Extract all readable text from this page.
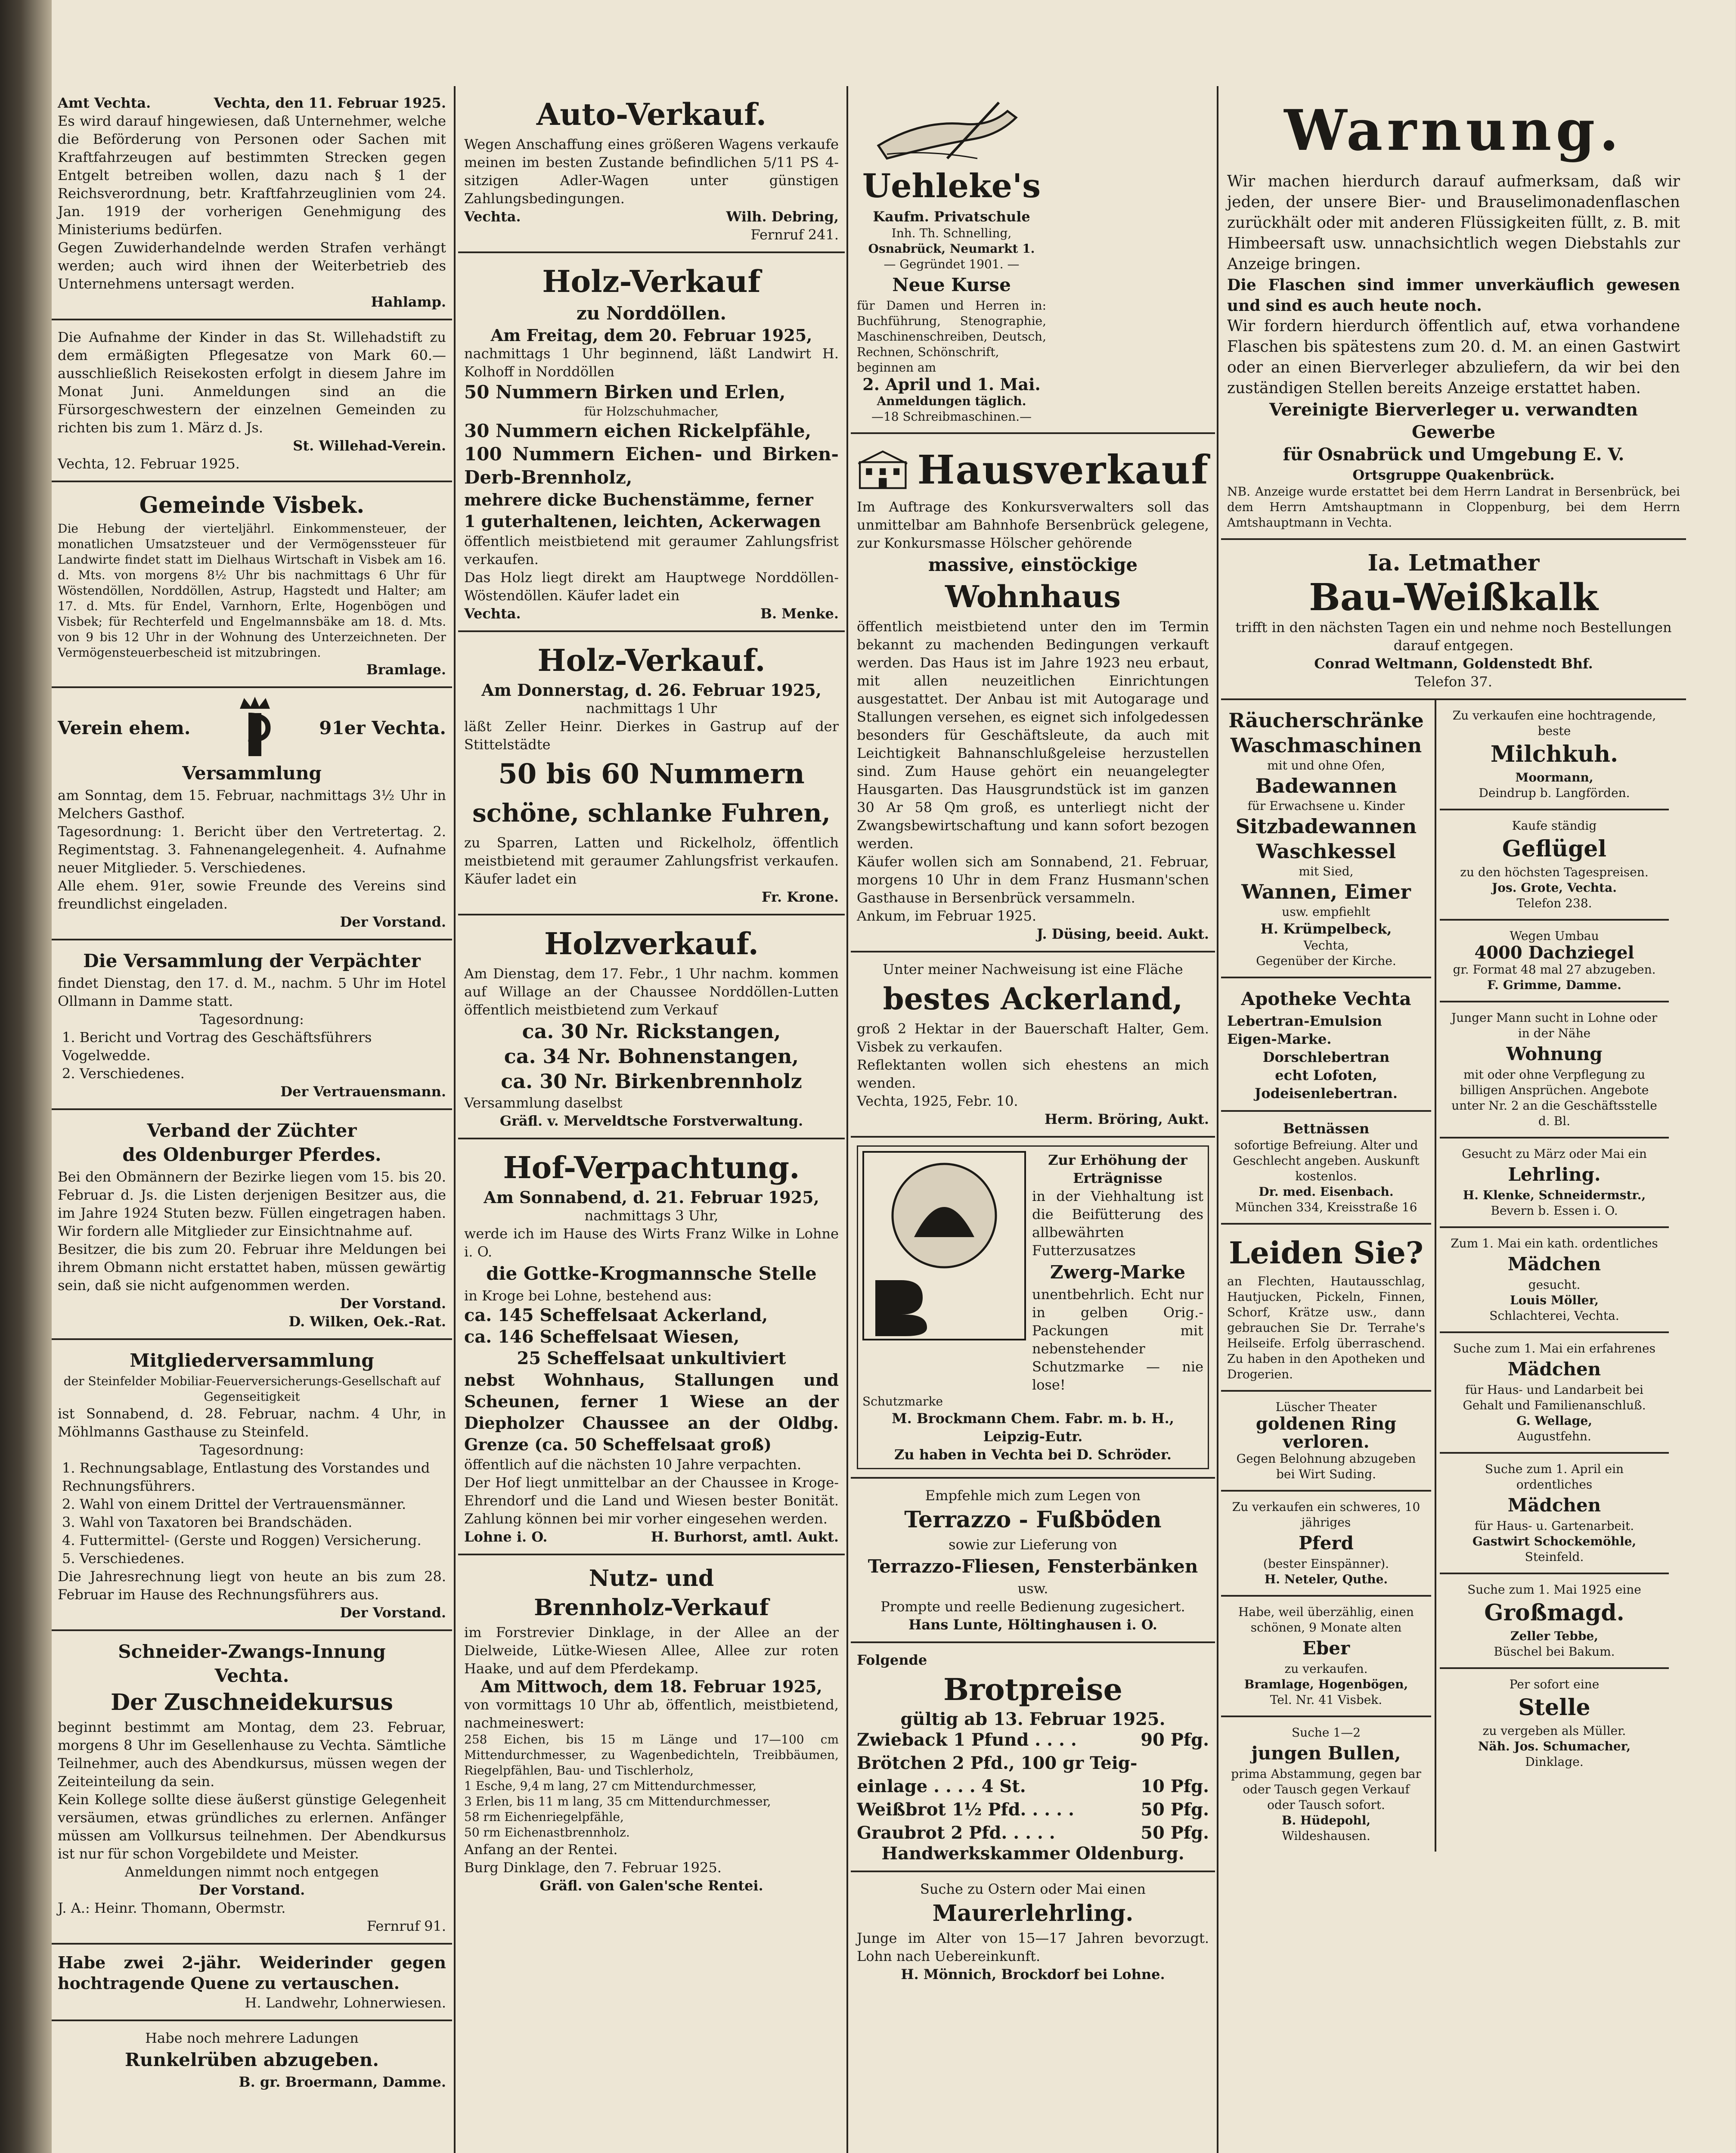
Amt Vechta.	Vechta, den 11. Februar 1925.

Es wird darauf hingewiesen, daß Unternehmer, welche die Beförderung von Personen oder Sachen mit Kraftfahrzeugen auf bestimmten Strecken gegen Entgelt betreiben wollen, dazu nach § 1 der Reichsverordnung, betr. Kraftfahrzeuglinien vom 24. Jan. 1919 der vorherigen Genehmigung des Ministeriums bedürfen.

Gegen Zuwiderhandelnde werden Strafen verhängt werden; auch wird ihnen der Weiterbetrieb des Unternehmens untersagt werden.

Hahlamp.

Die Aufnahme der Kinder in das St. Willehadstift zu dem ermäßigten Pflegesatze von Mark 60.— ausschließlich Reisekosten erfolgt in diesem Jahre im Monat Juni. Anmeldungen sind an die Fürsorgeschwestern der einzelnen Gemeinden zu richten bis zum 1. März d. Js.

St. Willehad-Verein.

Vechta, 12. Februar 1925.

Gemeinde Visbek.

Die Hebung der vierteljährl. Einkommensteuer, der monatlichen Umsatzsteuer und der Vermögenssteuer für Landwirte findet statt im Dielhaus Wirtschaft in Visbek am 16. d. Mts. von morgens 8½ Uhr bis nachmittags 6 Uhr für Wöstendöllen, Norddöllen, Astrup, Hagstedt und Halter; am 17. d. Mts. für Endel, Varnhorn, Erlte, Hogenbögen und Visbek; für Rechterfeld und Engelmannsbäke am 18. d. Mts. von 9 bis 12 Uhr in der Wohnung des Unterzeichneten. Der Vermögensteuerbescheid ist mitzubringen.

Bramlage.

Verein ehem.	91er Vechta.
Versammlung

am Sonntag, dem 15. Februar, nachmittags 3½ Uhr in Melchers Gasthof.

Tagesordnung: 1. Bericht über den Vertretertag. 2. Regimentstag. 3. Fahnenangelegenheit. 4. Aufnahme neuer Mitglieder. 5. Verschiedenes.

Alle ehem. 91er, sowie Freunde des Vereins sind freundlichst eingeladen.

Der Vorstand.

Die Versammlung der Verpächter

findet Dienstag, den 17. d. M., nachm. 5 Uhr im Hotel Ollmann in Damme statt.

Tagesordnung:

1. Bericht und Vortrag des Geschäftsführers Vogelwedde.

2. Verschiedenes.

Der Vertrauensmann.

Verband der Züchter
des Oldenburger Pferdes.

Bei den Obmännern der Bezirke liegen vom 15. bis 20. Februar d. Js. die Listen derjenigen Besitzer aus, die im Jahre 1924 Stuten bezw. Füllen eingetragen haben. Wir fordern alle Mitglieder zur Einsichtnahme auf.

Besitzer, die bis zum 20. Februar ihre Meldungen bei ihrem Obmann nicht erstattet haben, müssen gewärtig sein, daß sie nicht aufgenommen werden.

Der Vorstand.

D. Wilken, Oek.-Rat.

Mitgliederversammlung

der Steinfelder Mobiliar-Feuerversicherungs-Gesellschaft auf Gegenseitigkeit

ist Sonnabend, d. 28. Februar, nachm. 4 Uhr, in Möhlmanns Gasthause zu Steinfeld.

Tagesordnung:

1. Rechnungsablage, Entlastung des Vorstandes und Rechnungsführers.

2. Wahl von einem Drittel der Vertrauensmänner.

3. Wahl von Taxatoren bei Brandschäden.

4. Futtermittel- (Gerste und Roggen) Versicherung.

5. Verschiedenes.

Die Jahresrechnung liegt von heute an bis zum 28. Februar im Hause des Rechnungsführers aus.

Der Vorstand.

Schneider-Zwangs-Innung
Vechta.
Der Zuschneidekursus

beginnt bestimmt am Montag, dem 23. Februar, morgens 8 Uhr im Gesellenhause zu Vechta. Sämtliche Teilnehmer, auch des Abendkursus, müssen wegen der Zeiteinteilung da sein.

Kein Kollege sollte diese äußerst günstige Gelegenheit versäumen, etwas gründliches zu erlernen. Anfänger müssen am Vollkursus teilnehmen. Der Abendkursus ist nur für schon Vorgebildete und Meister.

Anmeldungen nimmt noch entgegen

Der Vorstand.

J. A.: Heinr. Thomann, Obermstr.

Fernruf 91.

Habe zwei 2-jähr. Weiderinder gegen hochtragende Quene zu vertauschen.

H. Landwehr, Lohnerwiesen.

Habe noch mehrere Ladungen

Runkelrüben abzugeben.

B. gr. Broermann, Damme.

Auto-Verkauf.

Wegen Anschaffung eines größeren Wagens verkaufe meinen im besten Zustande befindlichen 5/11 PS 4-sitzigen Adler-Wagen unter günstigen Zahlungsbedingungen.

Vechta.	Wilh. Debring,

Fernruf 241.

Holz-Verkauf
zu Norddöllen.

Am Freitag, dem 20. Februar 1925,

nachmittags 1 Uhr beginnend, läßt Landwirt H. Kolhoff in Norddöllen

50 Nummern Birken und Erlen,

für Holzschuhmacher,

30 Nummern eichen Rickelpfähle,

100 Nummern Eichen- und Birken-Derb-Brennholz,

mehrere dicke Buchenstämme, ferner

1 guterhaltenen, leichten, Ackerwagen

öffentlich meistbietend mit geraumer Zahlungsfrist verkaufen.

Das Holz liegt direkt am Hauptwege Norddöllen-Wöstendöllen. Käufer ladet ein

Vechta.	B. Menke.
Holz-Verkauf.

Am Donnerstag, d. 26. Februar 1925,

nachmittags 1 Uhr

läßt Zeller Heinr. Dierkes in Gastrup auf der Stittelstädte

50 bis 60 Nummern
schöne, schlanke Fuhren,

zu Sparren, Latten und Rickelholz, öffentlich meistbietend mit geraumer Zahlungsfrist verkaufen. Käufer ladet ein

Fr. Krone.

Holzverkauf.

Am Dienstag, dem 17. Febr., 1 Uhr nachm. kommen auf Willage an der Chaussee Norddöllen-Lutten öffentlich meistbietend zum Verkauf

ca. 30 Nr. Rickstangen,

ca. 34 Nr. Bohnenstangen,

ca. 30 Nr. Birkenbrennholz

Versammlung daselbst

Gräfl. v. Merveldtsche Forstverwaltung.

Hof-Verpachtung.

Am Sonnabend, d. 21. Februar 1925,

nachmittags 3 Uhr,

werde ich im Hause des Wirts Franz Wilke in Lohne i. O.

die Gottke-Krogmannsche Stelle

in Kroge bei Lohne, bestehend aus:

ca. 145 Scheffelsaat Ackerland,

ca. 146 Scheffelsaat Wiesen,

25 Scheffelsaat unkultiviert

nebst Wohnhaus, Stallungen und Scheunen, ferner 1 Wiese an der Diepholzer Chaussee an der Oldbg. Grenze (ca. 50 Scheffelsaat groß)

öffentlich auf die nächsten 10 Jahre verpachten.

Der Hof liegt unmittelbar an der Chaussee in Kroge-Ehrendorf und die Land und Wiesen bester Bonität. Zahlung können bei mir vorher eingesehen werden.

Lohne i. O.	H. Burhorst, amtl. Aukt.
Nutz- und
Brennholz-Verkauf

im Forstrevier Dinklage, in der Allee an der Dielweide, Lütke-Wiesen Allee, Allee zur roten Haake, und auf dem Pferdekamp.

Am Mittwoch, dem 18. Februar 1925,

von vormittags 10 Uhr ab, öffentlich, meistbietend, nachmeineswert:

258 Eichen, bis 15 m Länge und 17—100 cm Mittendurchmesser, zu Wagenbedichteln, Treibbäumen, Riegelpfählen, Bau- und Tischlerholz,

1 Esche, 9,4 m lang, 27 cm Mittendurchmesser,

3 Erlen, bis 11 m lang, 35 cm Mittendurchmesser,

58 rm Eichenriegelpfähle,

50 rm Eichenastbrennholz.

Anfang an der Rentei.

Burg Dinklage, den 7. Februar 1925.

Gräfl. von Galen'sche Rentei.

Uehleke's

Kaufm. Privatschule

Inh. Th. Schnelling,

Osnabrück, Neumarkt 1.

— Gegründet 1901. —

Neue Kurse

für Damen und Herren in: Buchführung, Stenographie, Maschinenschreiben, Deutsch, Rechnen, Schönschrift,

beginnen am

2. April und 1. Mai.

Anmeldungen täglich.

—18 Schreibmaschinen.—

Hausverkauf

Im Auftrage des Konkursverwalters soll das unmittelbar am Bahnhofe Bersenbrück gelegene, zur Konkursmasse Hölscher gehörende

massive, einstöckige
Wohnhaus

öffentlich meistbietend unter den im Termin bekannt zu machenden Bedingungen verkauft werden. Das Haus ist im Jahre 1923 neu erbaut, mit allen neuzeitlichen Einrichtungen ausgestattet. Der Anbau ist mit Autogarage und Stallungen versehen, es eignet sich infolgedessen besonders für Geschäftsleute, da auch mit Leichtigkeit Bahnanschlußgeleise herzustellen sind. Zum Hause gehört ein neuangelegter Hausgarten. Das Hausgrundstück ist im ganzen 30 Ar 58 Qm groß, es unterliegt nicht der Zwangsbewirtschaftung und kann sofort bezogen werden.

Käufer wollen sich am Sonnabend, 21. Februar, morgens 10 Uhr in dem Franz Husmann'schen Gasthause in Bersenbrück versammeln.

Ankum, im Februar 1925.

J. Düsing, beeid. Aukt.

Unter meiner Nachweisung ist eine Fläche

bestes Ackerland,

groß 2 Hektar in der Bauerschaft Halter, Gem. Visbek zu verkaufen.

Reflektanten wollen sich ehestens an mich wenden.

Vechta, 1925, Febr. 10.

Herm. Bröring, Aukt.

Zur Erhöhung der Erträgnisse

in der Viehhaltung ist die Beifütterung des allbewährten Futterzusatzes

Zwerg-Marke

unentbehrlich. Echt nur in gelben Orig.-Packungen mit nebenstehender Schutzmarke — nie lose!

Schutzmarke

M. Brockmann Chem. Fabr. m. b. H., Leipzig-Eutr.

Zu haben in Vechta bei D. Schröder.

Empfehle mich zum Legen von

Terrazzo - Fußböden

sowie zur Lieferung von

Terrazzo-Fliesen, Fensterbänken

usw.

Prompte und reelle Bedienung zugesichert.

Hans Lunte, Höltinghausen i. O.

Folgende

Brotpreise

gültig ab 13. Februar 1925.

Zwieback 1 Pfund . . . .	90 Pfg.
Brötchen 2 Pfd., 100 gr Teig-
einlage . . . . 4 St.	10 Pfg.
Weißbrot 1½ Pfd. . . . .	50 Pfg.
Graubrot 2 Pfd. . . . .	50 Pfg.

Handwerkskammer Oldenburg.

Suche zu Ostern oder Mai einen

Maurerlehrling.

Junge im Alter von 15—17 Jahren bevorzugt. Lohn nach Uebereinkunft.

H. Mönnich, Brockdorf bei Lohne.

Warnung.

Wir machen hierdurch darauf aufmerksam, daß wir jeden, der unsere Bier- und Brauselimonadenflaschen zurückhält oder mit anderen Flüssigkeiten füllt, z. B. mit Himbeersaft usw. unnachsichtlich wegen Diebstahls zur Anzeige bringen.

Die Flaschen sind immer unverkäuflich gewesen und sind es auch heute noch.

Wir fordern hierdurch öffentlich auf, etwa vorhandene Flaschen bis spätestens zum 20. d. M. an einen Gastwirt oder an einen Bierverleger abzuliefern, da wir bei den zuständigen Stellen bereits Anzeige erstattet haben.

Vereinigte Bierverleger u. verwandten Gewerbe

für Osnabrück und Umgebung E. V.

Ortsgruppe Quakenbrück.

NB. Anzeige wurde erstattet bei dem Herrn Landrat in Bersenbrück, bei dem Herrn Amtshauptmann in Cloppenburg, bei dem Herrn Amtshauptmann in Vechta.

Ia. Letmather
Bau-Weißkalk

trifft in den nächsten Tagen ein und nehme noch Bestellungen darauf entgegen.

Conrad Weltmann, Goldenstedt Bhf.

Telefon 37.

Räucherschränke

Waschmaschinen

mit und ohne Ofen,

Badewannen

für Erwachsene u. Kinder

Sitzbadewannen

Waschkessel

mit Sied,

Wannen, Eimer

usw. empfiehlt

H. Krümpelbeck,

Vechta,

Gegenüber der Kirche.

Apotheke Vechta

Lebertran-Emulsion Eigen-Marke.

Dorschlebertran

echt Lofoten,

Jodeisenlebertran.

Bettnässen

sofortige Befreiung. Alter und Geschlecht angeben. Auskunft kostenlos.

Dr. med. Eisenbach.

München 334, Kreisstraße 16

Leiden Sie?

an Flechten, Hautausschlag, Hautjucken, Pickeln, Finnen, Schorf, Krätze usw., dann gebrauchen Sie Dr. Terrahe's Heilseife. Erfolg überraschend. Zu haben in den Apotheken und Drogerien.

Lüscher Theater

goldenen Ring

verloren.

Gegen Belohnung abzugeben bei Wirt Suding.

Zu verkaufen ein schweres, 10 jähriges

Pferd

(bester Einspänner).

H. Neteler, Quthe.

Habe, weil überzählig, einen schönen, 9 Monate alten

Eber

zu verkaufen.

Bramlage, Hogenbögen,

Tel. Nr. 41 Visbek.

Suche 1—2

jungen Bullen,

prima Abstammung, gegen bar oder Tausch gegen Verkauf oder Tausch sofort.

B. Hüdepohl,

Wildeshausen.

Zu verkaufen eine hochtragende, beste

Milchkuh.

Moormann,

Deindrup b. Langförden.

Kaufe ständig

Geflügel

zu den höchsten Tagespreisen.

Jos. Grote, Vechta.

Telefon 238.

Wegen Umbau

4000 Dachziegel

gr. Format 48 mal 27 abzugeben.

F. Grimme, Damme.

Junger Mann sucht in Lohne oder in der Nähe

Wohnung

mit oder ohne Verpflegung zu billigen Ansprüchen. Angebote unter Nr. 2 an die Geschäftsstelle d. Bl.

Gesucht zu März oder Mai ein

Lehrling.

H. Klenke, Schneidermstr.,

Bevern b. Essen i. O.

Zum 1. Mai ein kath. ordentliches

Mädchen

gesucht.

Louis Möller,

Schlachterei, Vechta.

Suche zum 1. Mai ein erfahrenes

Mädchen

für Haus- und Landarbeit bei Gehalt und Familienanschluß.

G. Wellage,

Augustfehn.

Suche zum 1. April ein ordentliches

Mädchen

für Haus- u. Gartenarbeit.

Gastwirt Schockemöhle,

Steinfeld.

Suche zum 1. Mai 1925 eine

Großmagd.

Zeller Tebbe,

Büschel bei Bakum.

Per sofort eine

Stelle

zu vergeben als Müller.

Näh. Jos. Schumacher,

Dinklage.
